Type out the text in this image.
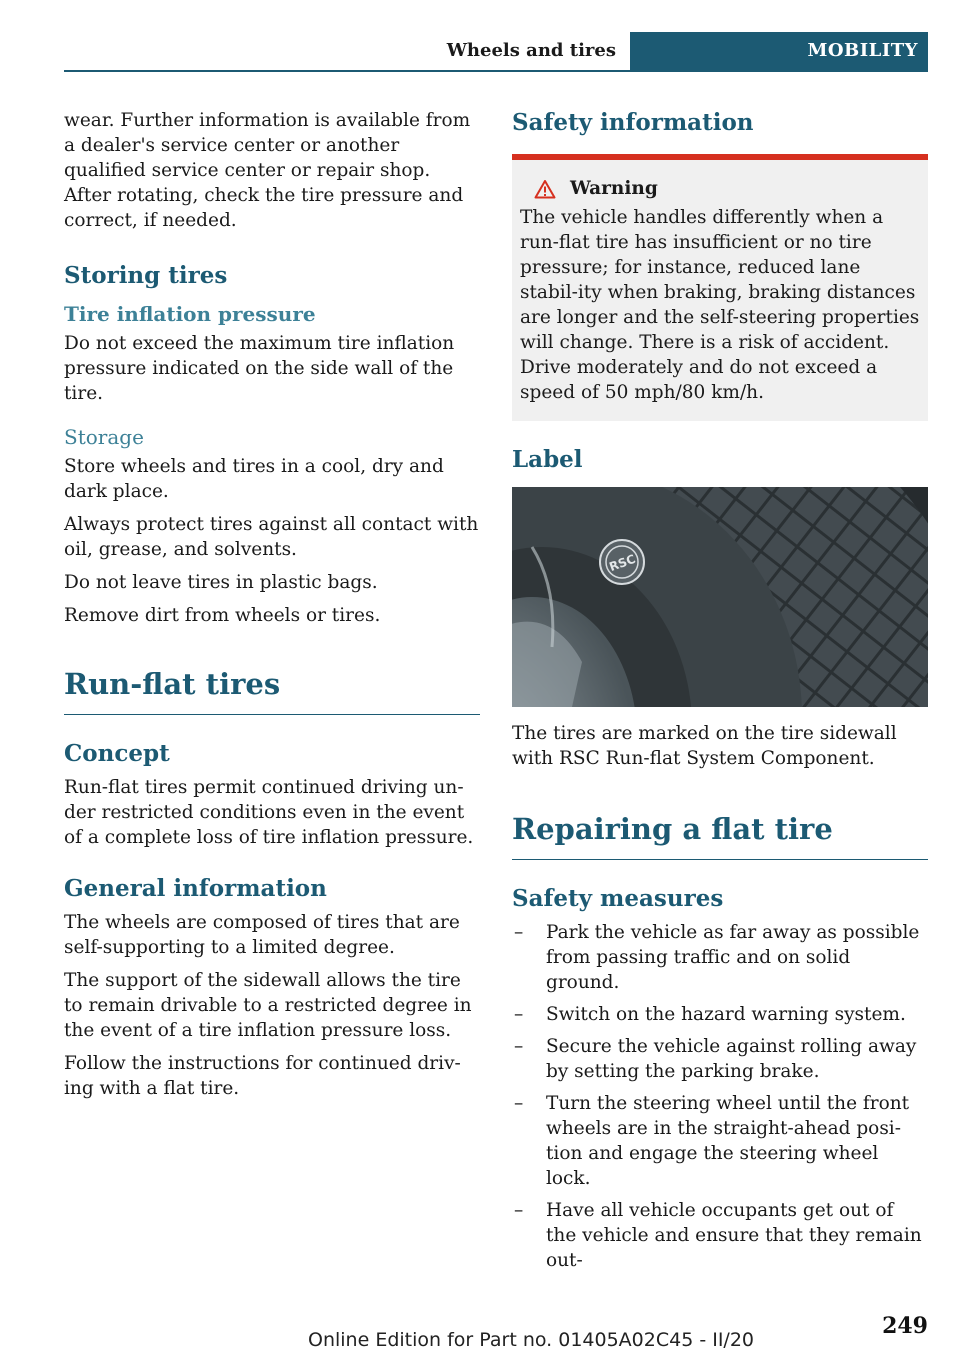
Wheels and tires	MOBILITY

wear. Further information is available from a dealer's service center or another qualified service center or repair shop. After rotating, check the tire pressure and correct, if needed.

Storing tires
Tire inflation pressure

Do not exceed the maximum tire inflation pressure indicated on the side wall of the tire.

Storage

Store wheels and tires in a cool, dry and dark place.

Always protect tires against all contact with oil, grease, and solvents.

Do not leave tires in plastic bags.

Remove dirt from wheels or tires.

Run-flat tires
Concept

Run-flat tires permit continued driving un-der restricted conditions even in the event of a complete loss of tire inflation pressure.

General information

The wheels are composed of tires that are self-supporting to a limited degree.

The support of the sidewall allows the tire to remain drivable to a restricted degree in the event of a tire inflation pressure loss.

Follow the instructions for continued driv-ing with a flat tire.

Safety information
Warning

The vehicle handles differently when a run-flat tire has insufficient or no tire pressure; for instance, reduced lane stabil-ity when braking, braking distances are longer and the self-steering properties will change. There is a risk of accident. Drive moderately and do not exceed a speed of 50 mph/80 km/h.

Label
RSC

The tires are marked on the tire sidewall with RSC Run-flat System Component.

Repairing a flat tire
Safety measures
– Park the vehicle as far away as possible from passing traffic and on solid ground.
– Switch on the hazard warning system.
– Secure the vehicle against rolling away by setting the parking brake.
– Turn the steering wheel until the front wheels are in the straight-ahead posi-tion and engage the steering wheel lock.
– Have all vehicle occupants get out of the vehicle and ensure that they remain out-
249
Online Edition for Part no. 01405A02C45 - II/20
